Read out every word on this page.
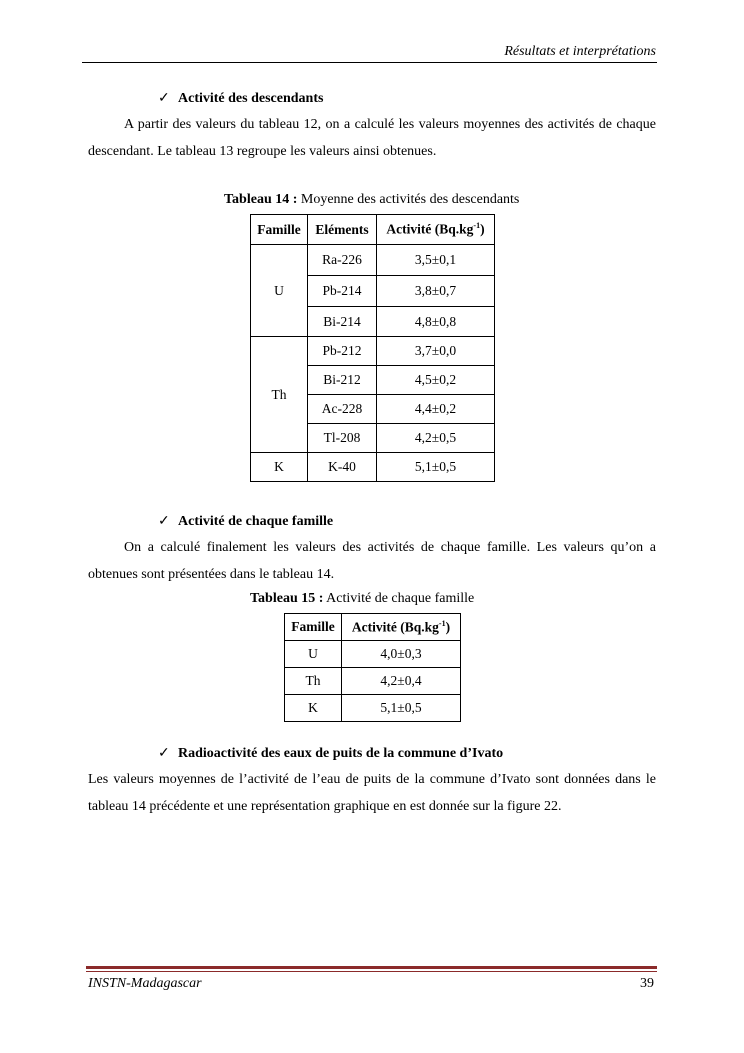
Résultats et interprétations
✓ Activité des descendants
A partir des valeurs du tableau 12, on a calculé les valeurs moyennes des activités de chaque descendant. Le tableau 13 regroupe les valeurs ainsi obtenues.
Tableau 14 : Moyenne des activités des descendants
Famille	Eléments	Activité $(Bq.kg^{-1})$
U	Ra-226	3,5±0,1
	Pb-214	3,8±0,7
	Bi-214	4,8±0,8
Th	Pb-212	3,7±0,0
	Bi-212	4,5±0,2
	Ac-228	4,4±0,2
	Tl-208	4,2±0,5
K	K-40	5,1±0,5
✓ Activité de chaque famille
On a calculé finalement les valeurs des activités de chaque famille. Les valeurs qu’on a obtenues sont présentées dans le tableau 14.
Tableau 15 : Activité de chaque famille
Famille	Activité $(Bq.kg^{-1})$
U	4,0±0,3
Th	4,2±0,4
K	5,1±0,5
✓ Radioactivité des eaux de puits de la commune d’Ivato
Les valeurs moyennes de l’activité de l’eau de puits de la commune d’Ivato sont données dans le tableau 14 précédente et une représentation graphique en est donnée sur la figure 22.
INSTN-Madagascar	39
